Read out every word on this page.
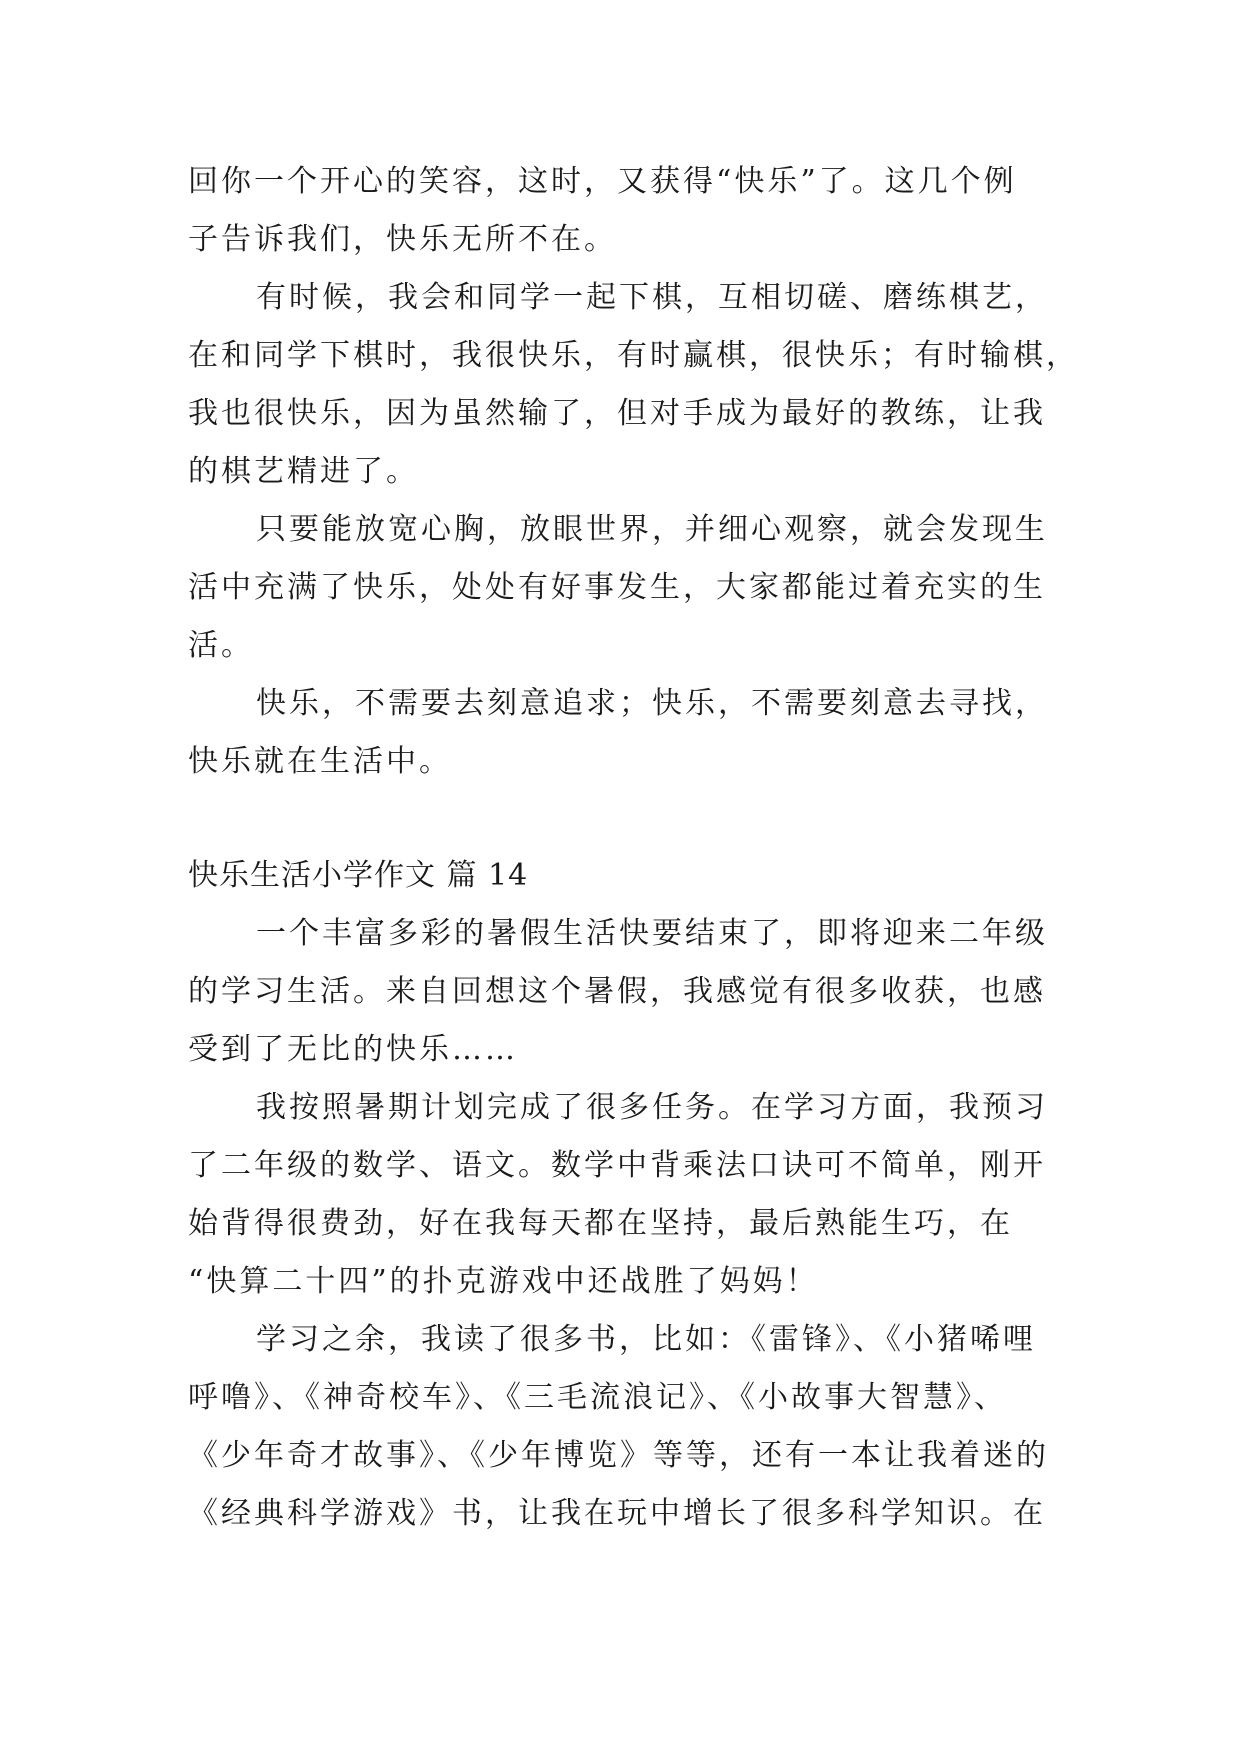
回你一个开心的笑容，这时，又获得“快乐”了。这几个例
子告诉我们，快乐无所不在。
有时候，我会和同学一起下棋，互相切磋、磨练棋艺，
在和同学下棋时，我很快乐，有时赢棋，很快乐；有时输棋，
我也很快乐，因为虽然输了，但对手成为最好的教练，让我
的棋艺精进了。
只要能放宽心胸，放眼世界，并细心观察，就会发现生
活中充满了快乐，处处有好事发生，大家都能过着充实的生
活。
快乐，不需要去刻意追求；快乐，不需要刻意去寻找，
快乐就在生活中。
快乐生活小学作文 篇 14
一个丰富多彩的暑假生活快要结束了，即将迎来二年级
的学习生活。来自回想这个暑假，我感觉有很多收获，也感
受到了无比的快乐……
我按照暑期计划完成了很多任务。在学习方面，我预习
了二年级的数学、语文。数学中背乘法口诀可不简单，刚开
始背得很费劲，好在我每天都在坚持，最后熟能生巧，在
“快算二十四”的扑克游戏中还战胜了妈妈！
学习之余，我读了很多书，比如：《雷锋》、《小猪唏哩
呼噜》、《神奇校车》、《三毛流浪记》、《小故事大智慧》、
《少年奇才故事》、《少年博览》等等，还有一本让我着迷的
《经典科学游戏》书，让我在玩中增长了很多科学知识。在
